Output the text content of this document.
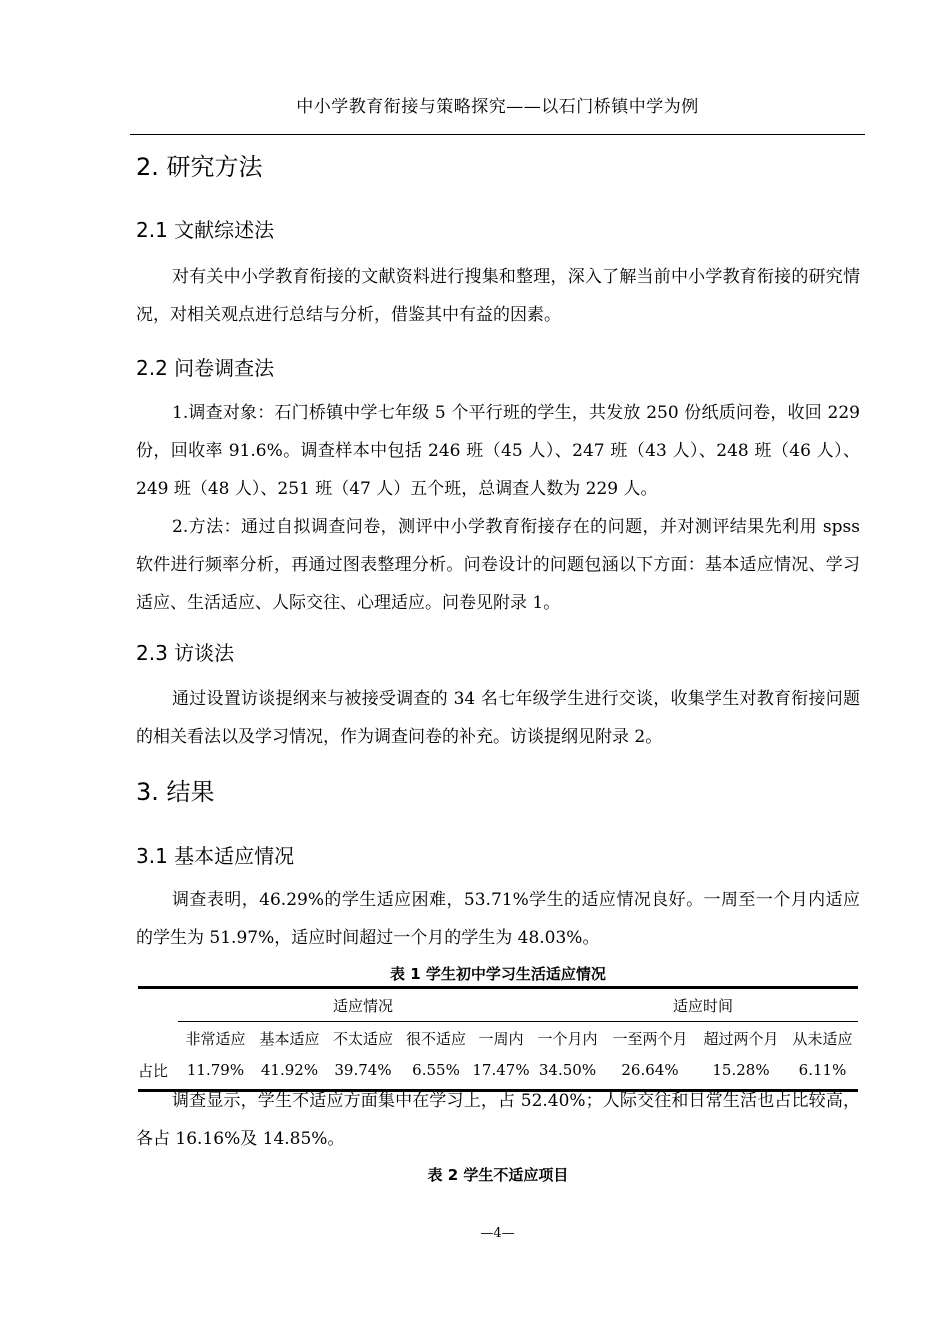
中小学教育衔接与策略探究——以石门桥镇中学为例
2. 研究方法
2.1 文献综述法

对有关中小学教育衔接的文献资料进行搜集和整理，深入了解当前中小学教育衔接的研究情况，对相关观点进行总结与分析，借鉴其中有益的因素。

2.2 问卷调查法

1.调查对象：石门桥镇中学七年级 5 个平行班的学生，共发放 250 份纸质问卷，收回 229 份，回收率 91.6%。调查样本中包括 246 班（45 人）、247 班（43 人）、248 班（46 人）、249 班（48 人）、251 班（47 人）五个班，总调查人数为 229 人。

2.方法：通过自拟调查问卷，测评中小学教育衔接存在的问题，并对测评结果先利用 spss 软件进行频率分析，再通过图表整理分析。问卷设计的问题包涵以下方面：基本适应情况、学习适应、生活适应、人际交往、心理适应。问卷见附录 1。

2.3 访谈法

通过设置访谈提纲来与被接受调查的 34 名七年级学生进行交谈，收集学生对教育衔接问题的相关看法以及学习情况，作为调查问卷的补充。访谈提纲见附录 2。

3. 结果
3.1 基本适应情况

调查表明，46.29%的学生适应困难，53.71%学生的适应情况良好。一周至一个月内适应的学生为 51.97%，适应时间超过一个月的学生为 48.03%。

表 1 学生初中学习生活适应情况
适应情况	适应时间
非常适应 基本适应 不太适应 很不适应 一周内 一个月内 一至两个月	超过两个月 从未适应
占比	11.79%	41.92%	39.74%	6.55% 17.47% 34.50%	26.64%	15.28%	6.11%

调查显示，学生不适应方面集中在学习上，占 52.40%；人际交往和日常生活也占比较高，各占 16.16%及 14.85%。

表 2 学生不适应项目
—4—
